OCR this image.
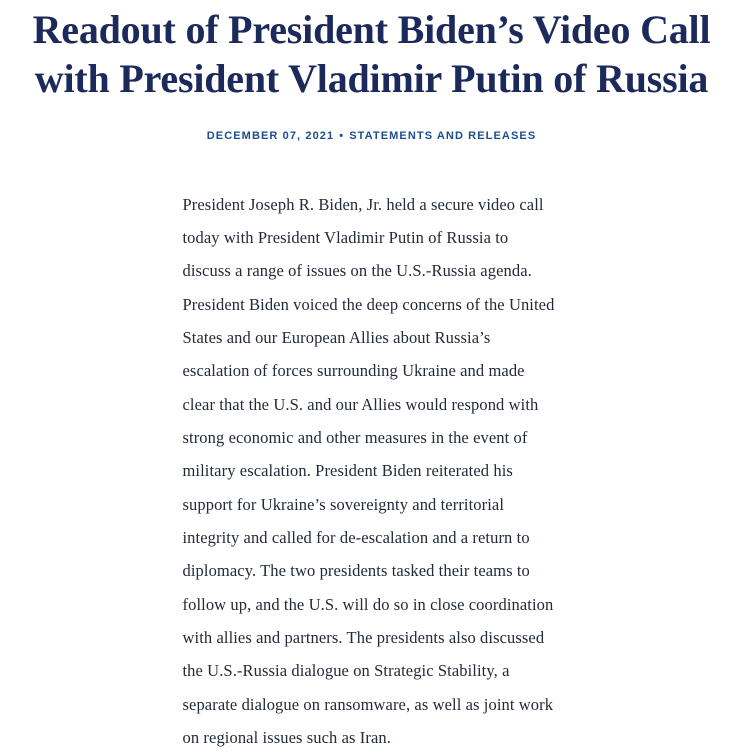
Readout of President Biden’s Video Call with President Vladimir Putin of Russia
DECEMBER 07, 2021 • STATEMENTS AND RELEASES

President Joseph R. Biden, Jr. held a secure video call today with President Vladimir Putin of Russia to discuss a range of issues on the U.S.-Russia agenda. President Biden voiced the deep concerns of the United States and our European Allies about Russia’s escalation of forces surrounding Ukraine and made clear that the U.S. and our Allies would respond with strong economic and other measures in the event of military escalation. President Biden reiterated his support for Ukraine’s sovereignty and territorial integrity and called for de-escalation and a return to diplomacy. The two presidents tasked their teams to follow up, and the U.S. will do so in close coordination with allies and partners. The presidents also discussed the U.S.-Russia dialogue on Strategic Stability, a separate dialogue on ransomware, as well as joint work on regional issues such as Iran.
